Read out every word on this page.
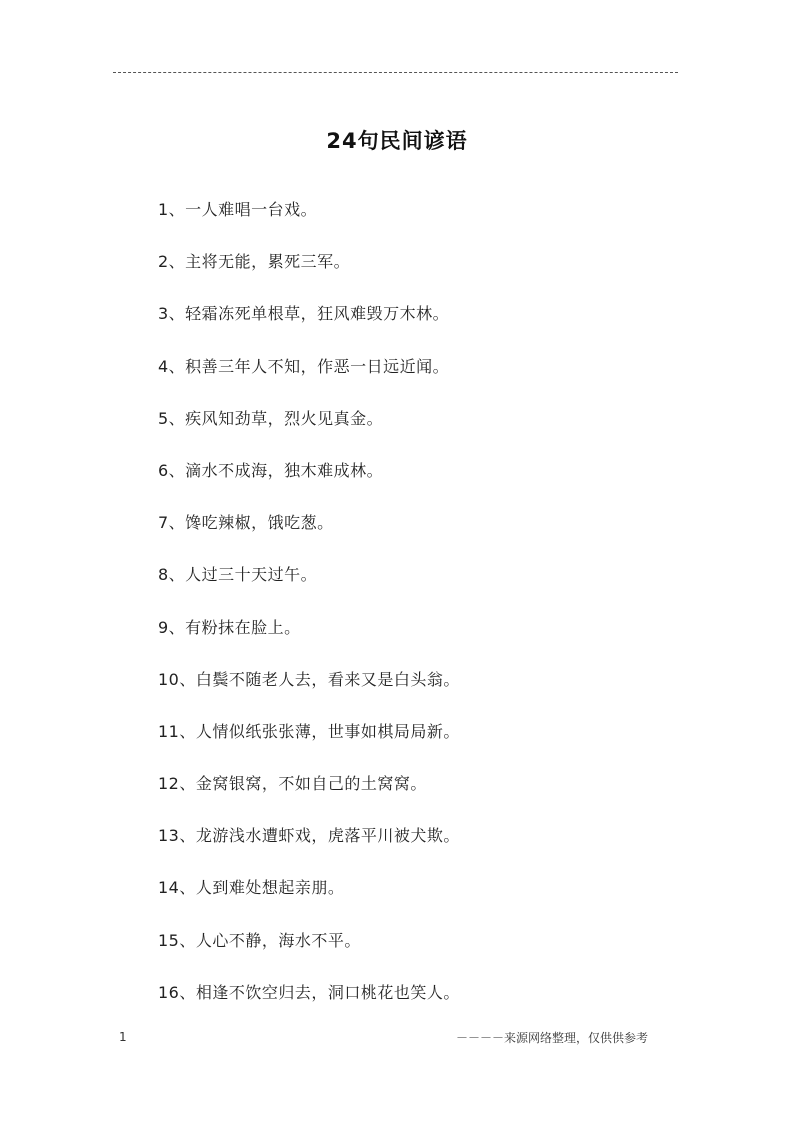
24句民间谚语
1、一人难唱一台戏。
2、主将无能，累死三军。
3、轻霜冻死单根草，狂风难毁万木林。
4、积善三年人不知，作恶一日远近闻。
5、疾风知劲草，烈火见真金。
6、滴水不成海，独木难成林。
7、馋吃辣椒，饿吃葱。
8、人过三十天过午。
9、有粉抹在脸上。
10、白鬓不随老人去，看来又是白头翁。
11、人情似纸张张薄，世事如棋局局新。
12、金窝银窝，不如自己的土窝窝。
13、龙游浅水遭虾戏，虎落平川被犬欺。
14、人到难处想起亲朋。
15、人心不静，海水不平。
16、相逢不饮空归去，洞口桃花也笑人。
1	－－－－来源网络整理，仅供供参考
